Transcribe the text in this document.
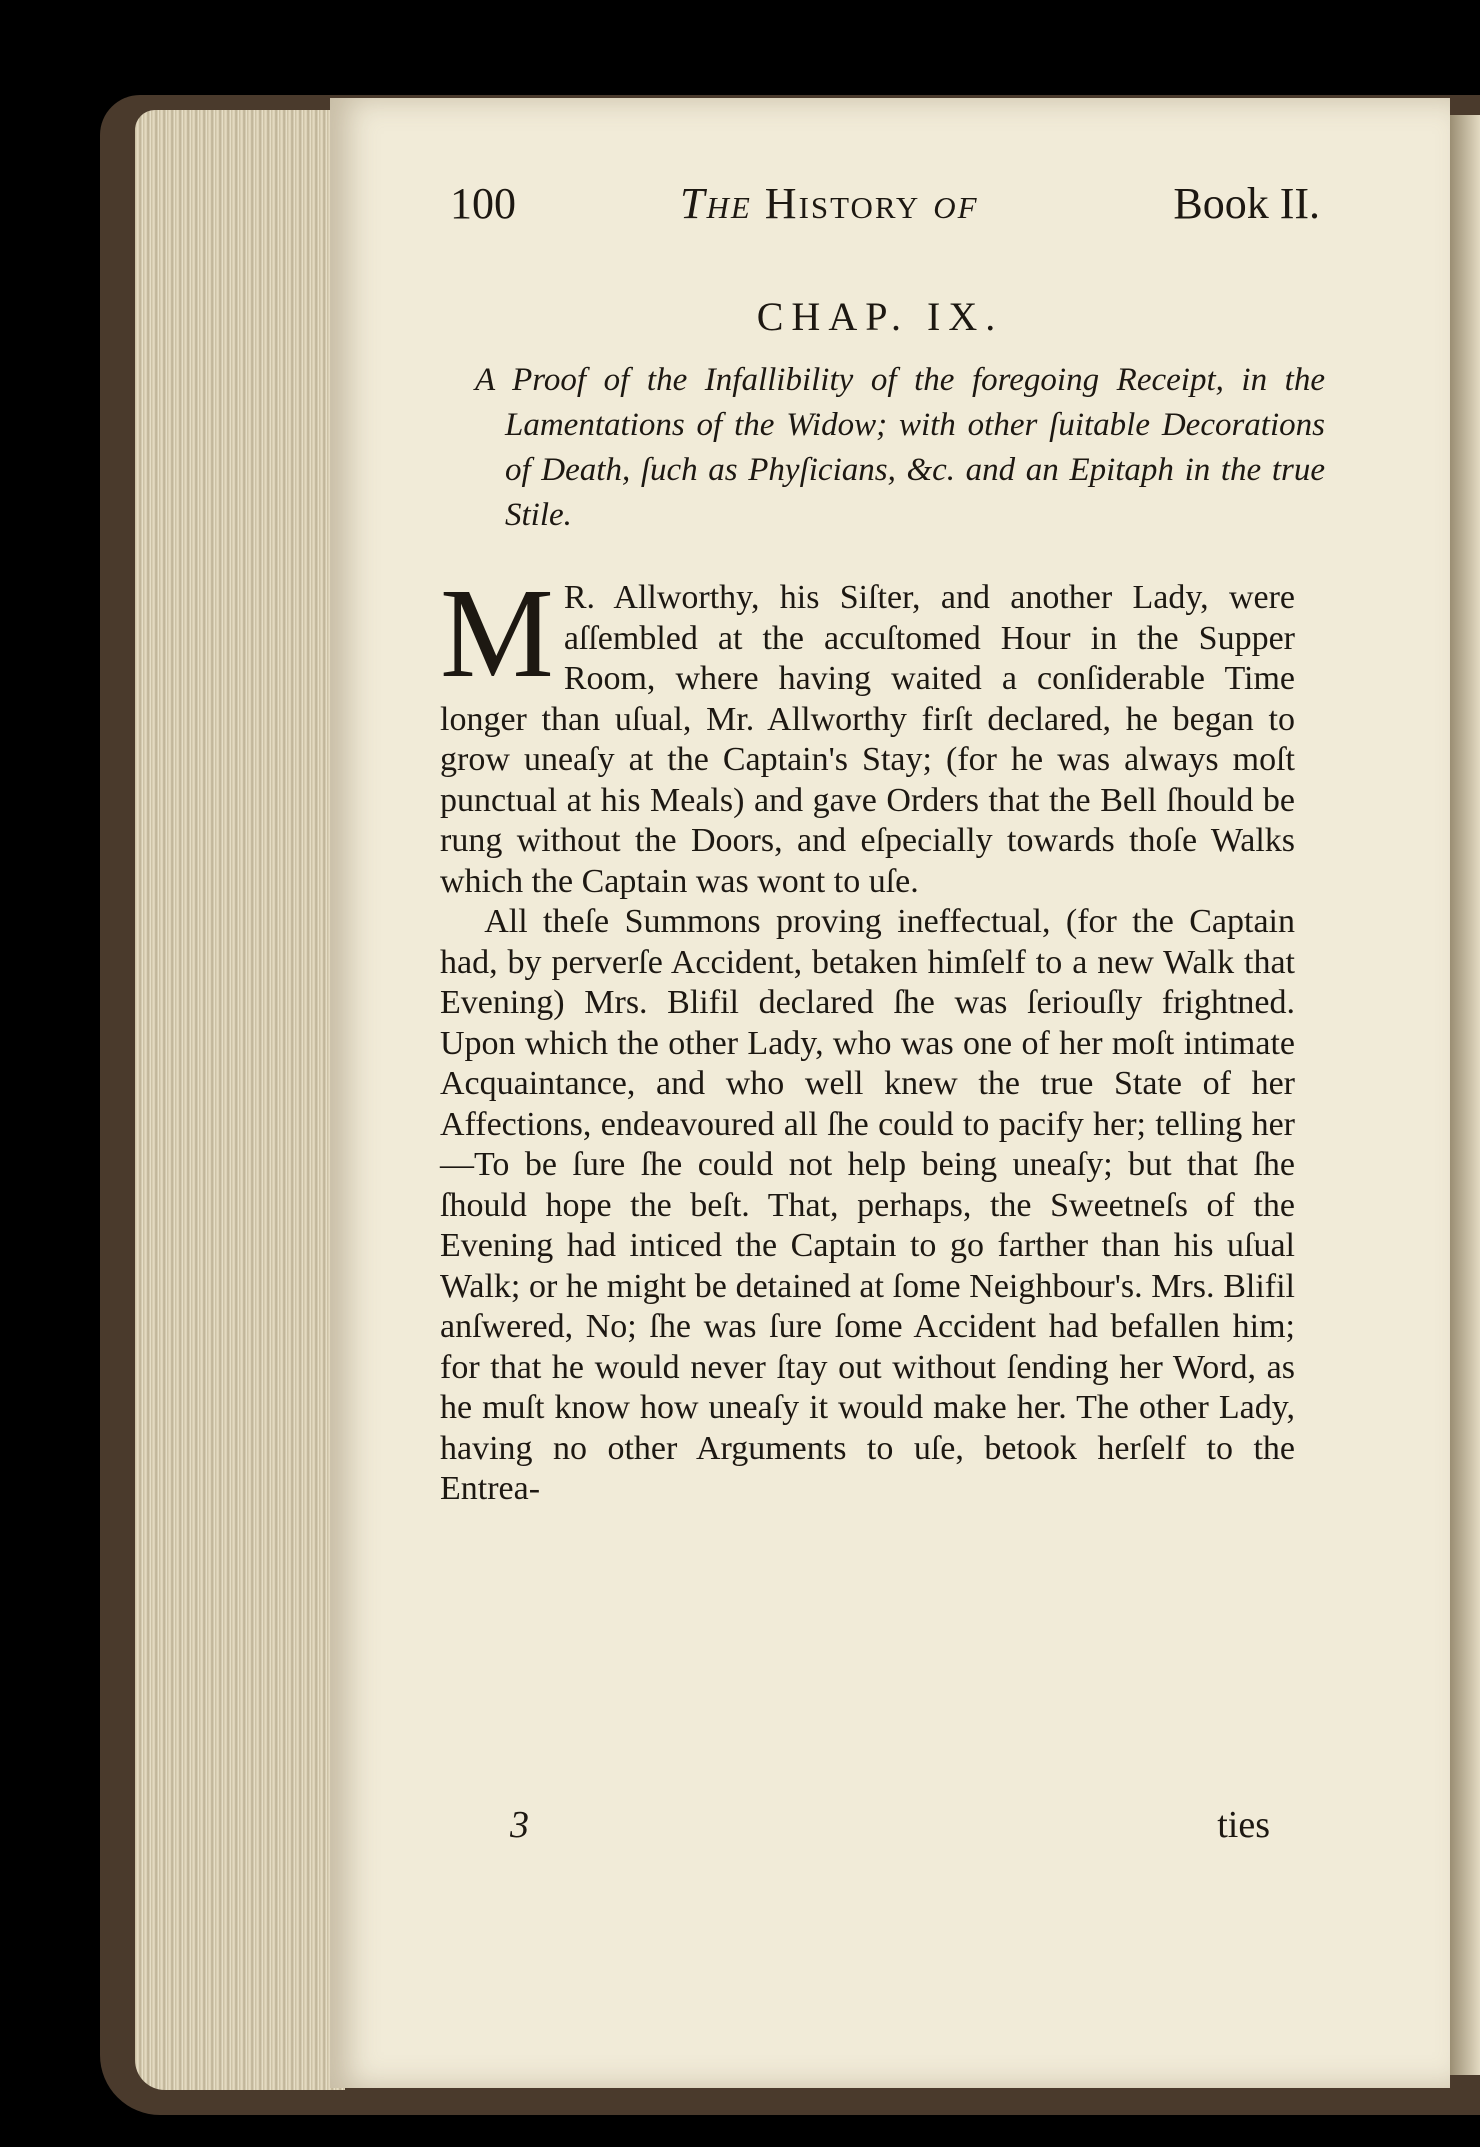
100	The History of	Book II.
CHAP. IX.
A Proof of the Infallibility of the foregoing Receipt, in the Lamentations of the Widow; with other ſuitable Decorations of Death, ſuch as Phyſicians, &c. and an Epitaph in the true Stile.

M R. Allworthy, his Siſter, and another Lady, were aſſembled at the accuſtomed Hour in the Supper Room, where having waited a conſiderable Time longer than uſual, Mr. Allworthy firſt declared, he began to grow uneaſy at the Captain's Stay; (for he was always moſt punctual at his Meals) and gave Orders that the Bell ſhould be rung without the Doors, and eſpecially towards thoſe Walks which the Captain was wont to uſe.

All theſe Summons proving ineffectual, (for the Captain had, by perverſe Accident, betaken himſelf to a new Walk that Evening) Mrs. Blifil declared ſhe was ſeriouſly frightned. Upon which the other Lady, who was one of her moſt intimate Acquaintance, and who well knew the true State of her Affections, endeavoured all ſhe could to pacify her; telling her—To be ſure ſhe could not help being uneaſy; but that ſhe ſhould hope the beſt. That, perhaps, the Sweetneſs of the Evening had inticed the Captain to go farther than his uſual Walk; or he might be detained at ſome Neighbour's. Mrs. Blifil anſwered, No; ſhe was ſure ſome Accident had befallen him; for that he would never ſtay out without ſending her Word, as he muſt know how uneaſy it would make her. The other Lady, having no other Arguments to uſe, betook herſelf to the Entrea-

3	ties
